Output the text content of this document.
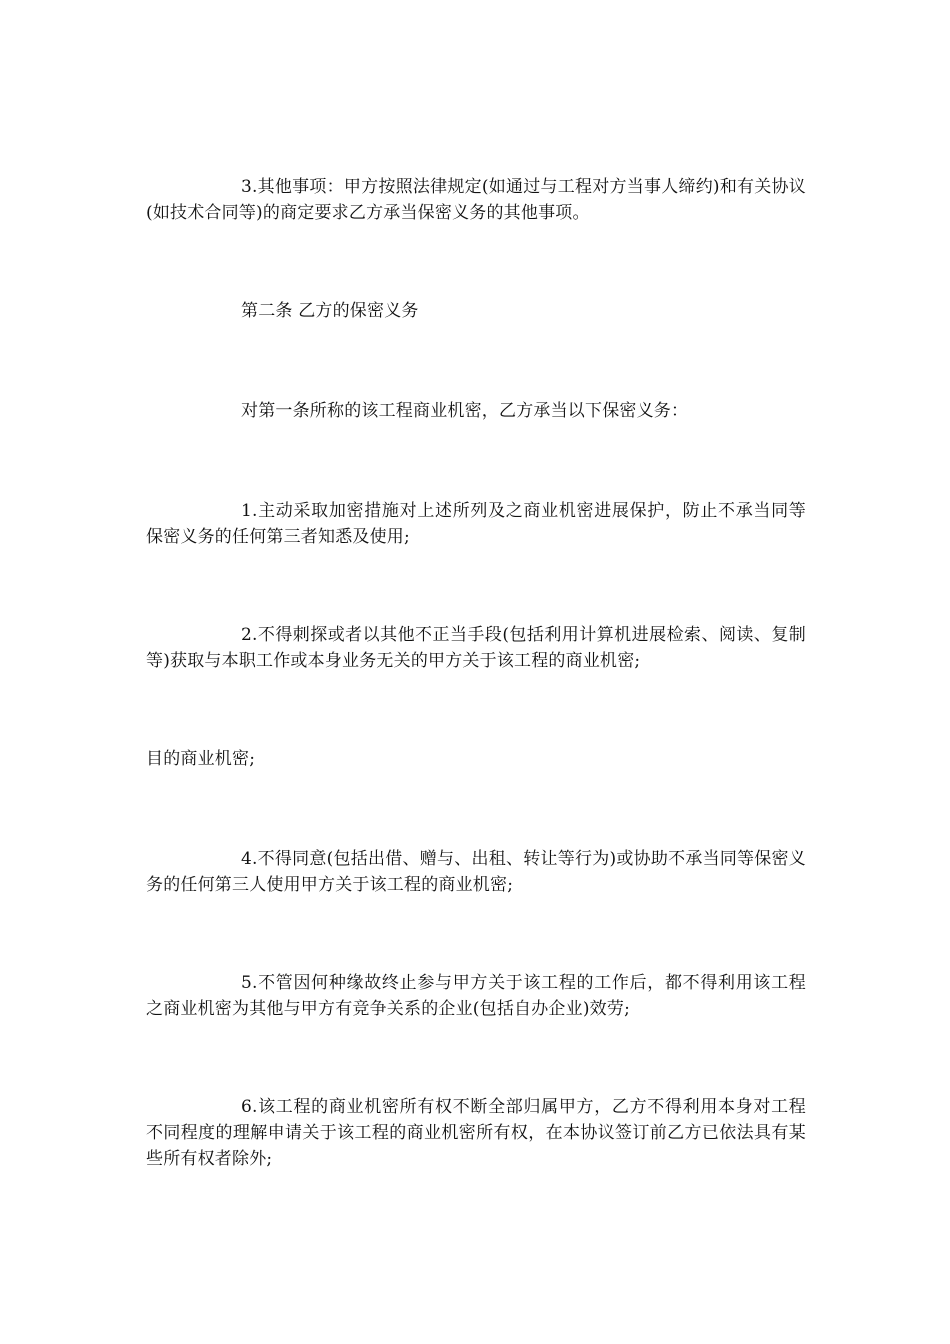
3.其他事项：甲方按照法律规定(如通过与工程对方当事人缔约)和有关协议(如技术合同等)的商定要求乙方承当保密义务的其他事项。

第二条 乙方的保密义务

对第一条所称的该工程商业机密，乙方承当以下保密义务：

1.主动采取加密措施对上述所列及之商业机密进展保护，防止不承当同等保密义务的任何第三者知悉及使用;

2.不得刺探或者以其他不正当手段(包括利用计算机进展检索、阅读、复制等)获取与本职工作或本身业务无关的甲方关于该工程的商业机密;

目的商业机密;

4.不得同意(包括出借、赠与、出租、转让等行为)或协助不承当同等保密义务的任何第三人使用甲方关于该工程的商业机密;

5.不管因何种缘故终止参与甲方关于该工程的工作后，都不得利用该工程之商业机密为其他与甲方有竞争关系的企业(包括自办企业)效劳;

6.该工程的商业机密所有权不断全部归属甲方，乙方不得利用本身对工程不同程度的理解申请关于该工程的商业机密所有权，在本协议签订前乙方已依法具有某些所有权者除外;
